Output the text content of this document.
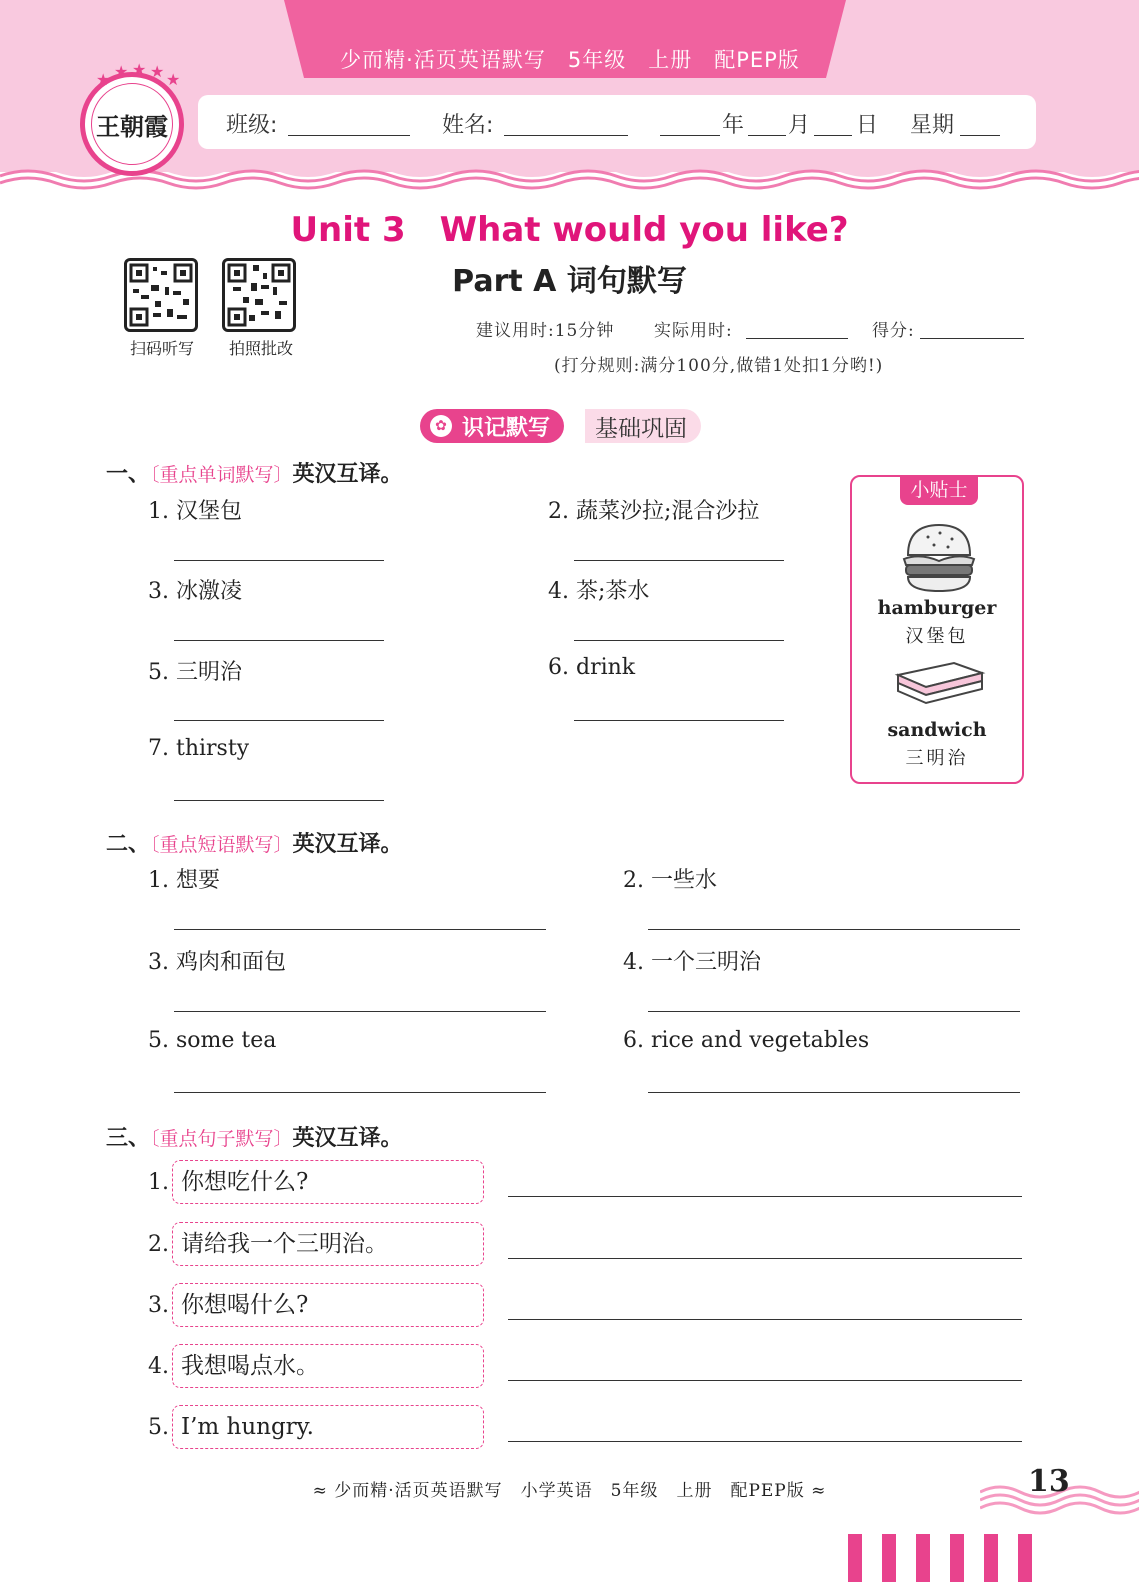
少而精·活页英语默写　5年级　上册　配PEP版
王朝霞
★ ★ ★ ★ ★
班级:	姓名:	年 月 日 星期
Unit 3　What would you like?
Part A 词句默写
扫码听写	拍照批改
建议用时:15分钟 实际用时:	得分:
(打分规则:满分100分,做错1处扣1分哟!)
基础巩固
✿ 识记默写
一、〔重点单词默写〕英汉互译。
1. 汉堡包	2. 蔬菜沙拉;混合沙拉
3. 冰激凌	4. 茶;茶水
5. 三明治	6. drink
7. thirsty
小贴士
hamburger
汉堡包
sandwich
三明治
二、〔重点短语默写〕英汉互译。
1. 想要	2. 一些水
3. 鸡肉和面包	4. 一个三明治
5. some tea	6. rice and vegetables
三、〔重点句子默写〕英汉互译。
1. 你想吃什么?
2. 请给我一个三明治。
3. 你想喝什么?
4. 我想喝点水。
5. I’m hungry.
≈ 少而精·活页英语默写　小学英语　5年级　上册　配PEP版 ≈	13
